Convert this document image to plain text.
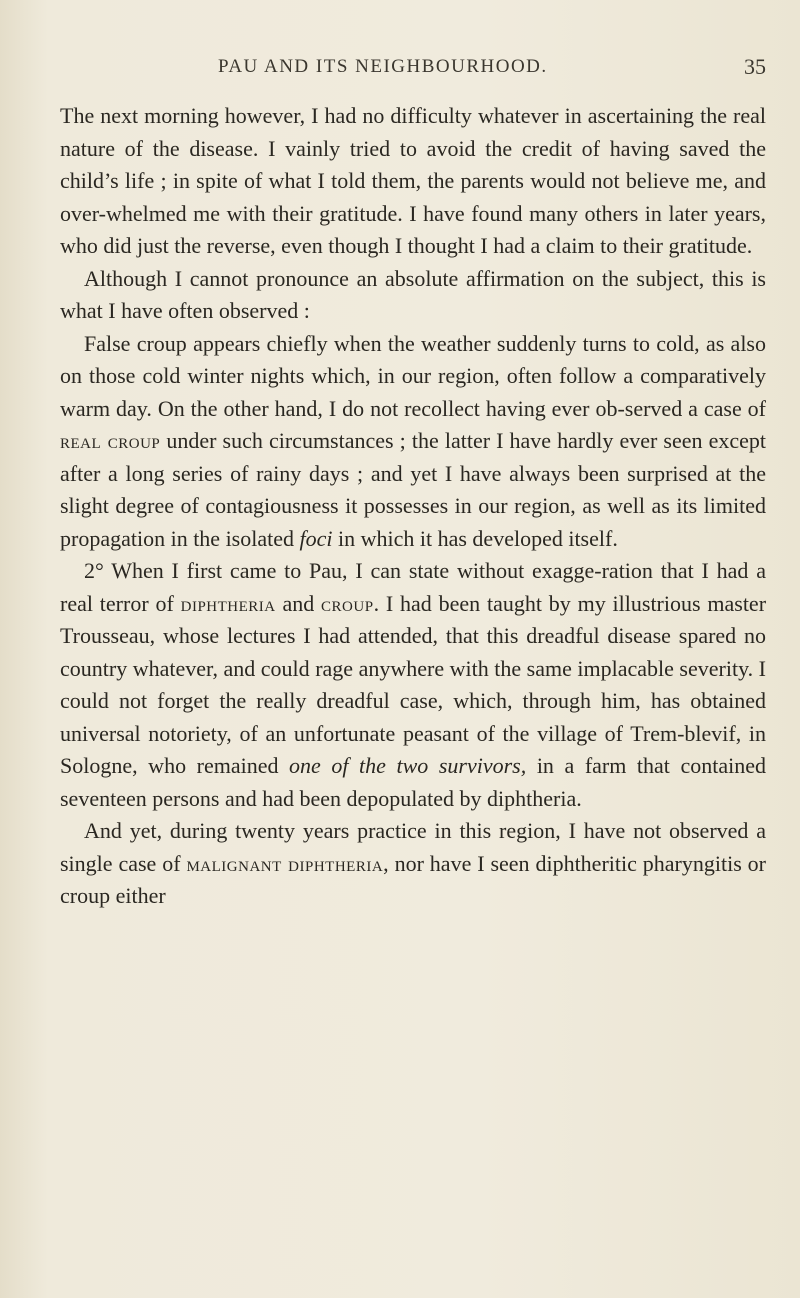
PAU AND ITS NEIGHBOURHOOD.	35

The next morning however, I had no difficulty whatever in ascertaining the real nature of the disease. I vainly tried to avoid the credit of having saved the child’s life ; in spite of what I told them, the parents would not believe me, and over-whelmed me with their gratitude. I have found many others in later years, who did just the reverse, even though I thought I had a claim to their gratitude.

Although I cannot pronounce an absolute affirmation on the subject, this is what I have often observed :

False croup appears chiefly when the weather suddenly turns to cold, as also on those cold winter nights which, in our region, often follow a comparatively warm day. On the other hand, I do not recollect having ever ob-served a case of real croup under such circumstances ; the latter I have hardly ever seen except after a long series of rainy days ; and yet I have always been surprised at the slight degree of contagiousness it possesses in our region, as well as its limited propagation in the isolated foci in which it has developed itself.

2° When I first came to Pau, I can state without exagge-ration that I had a real terror of diphtheria and croup. I had been taught by my illustrious master Trousseau, whose lectures I had attended, that this dreadful disease spared no country whatever, and could rage anywhere with the same implacable severity. I could not forget the really dreadful case, which, through him, has obtained universal notoriety, of an unfortunate peasant of the village of Trem-blevif, in Sologne, who remained one of the two survivors, in a farm that contained seventeen persons and had been depopulated by diphtheria.

And yet, during twenty years practice in this region, I have not observed a single case of malignant diphtheria, nor have I seen diphtheritic pharyngitis or croup either
